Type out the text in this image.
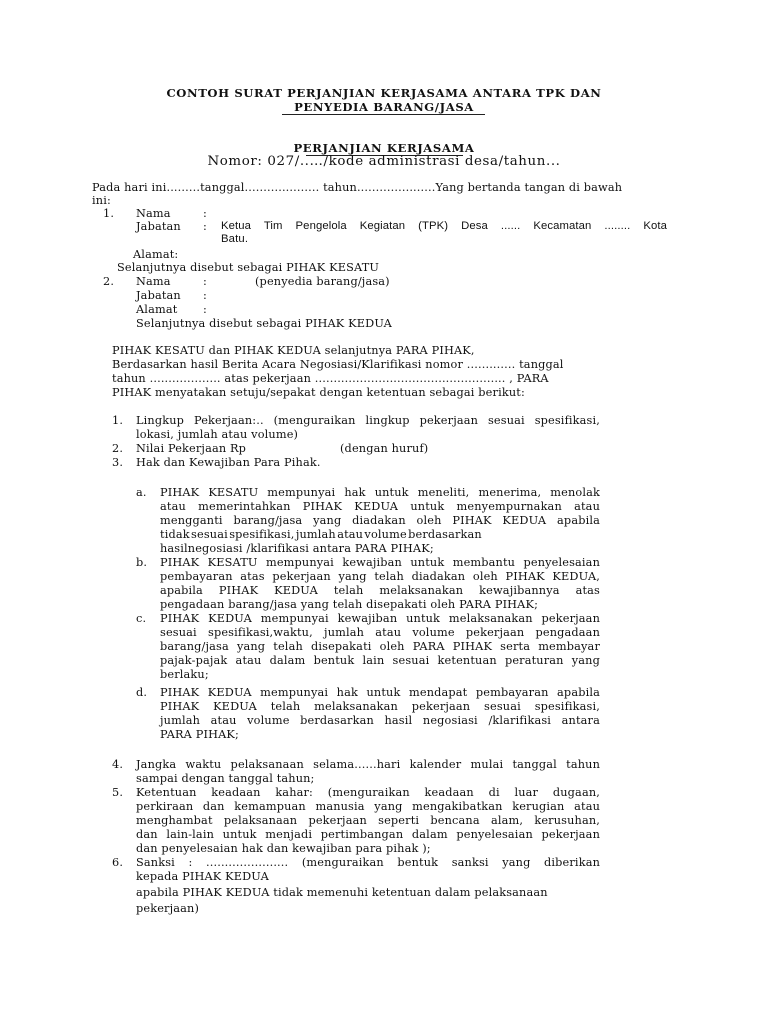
CONTOH SURAT PERJANJIAN KERJASAMA ANTARA TPK DAN
PENYEDIA BARANG/JASA
PERJANJIAN KERJASAMA
Nomor: 027/..…/kode administrasi desa/tahun...
Pada hari ini.........tanggal.................... tahun.....................Yang bertanda tangan di bawah
ini:
1. Nama	:
Jabatan : Ketua Tim Pengelola Kegiatan (TPK) Desa ...... Kecamatan ........ Kota
Batu.
Alamat:
Selanjutnya disebut sebagai PIHAK KESATU
2. Nama	:	(penyedia barang/jasa)
Jabatan :
Alamat :
Selanjutnya disebut sebagai PIHAK KEDUA
PIHAK KESATU dan PIHAK KEDUA selanjutnya PARA PIHAK,
Berdasarkan hasil Berita Acara Negosiasi/Klarifikasi nomor ............. tanggal
tahun ................... atas pekerjaan ................................................... , PARA
PIHAK menyatakan setuju/sepakat dengan ketentuan sebagai berikut:
1. Lingkup Pekerjaan:.. (menguraikan lingkup pekerjaan sesuai spesifikasi,
lokasi, jumlah atau volume)
2. Nilai Pekerjaan Rp	(dengan huruf)
3. Hak dan Kewajiban Para Pihak.
a. PIHAK KESATU mempunyai hak untuk meneliti, menerima, menolak
atau memerintahkan PIHAK KEDUA untuk menyempurnakan atau
mengganti barang/jasa yang diadakan oleh PIHAK KEDUA apabila
tidak sesuai spesifikasi, jumlah atau volume berdasarkan
hasilnegosiasi /klarifikasi antara PARA PIHAK;
b. PIHAK KESATU mempunyai kewajiban untuk membantu penyelesaian
pembayaran atas pekerjaan yang telah diadakan oleh PIHAK KEDUA,
apabila PIHAK KEDUA telah melaksanakan kewajibannya atas
pengadaan barang/jasa yang telah disepakati oleh PARA PIHAK;
c. PIHAK KEDUA mempunyai kewajiban untuk melaksanakan pekerjaan
sesuai spesifikasi,waktu, jumlah atau volume pekerjaan pengadaan
barang/jasa yang telah disepakati oleh PARA PIHAK serta membayar
pajak-pajak atau dalam bentuk lain sesuai ketentuan peraturan yang
berlaku;
d. PIHAK KEDUA mempunyai hak untuk mendapat pembayaran apabila
PIHAK KEDUA telah melaksanakan pekerjaan sesuai spesifikasi,
jumlah atau volume berdasarkan hasil negosiasi /klarifikasi antara
PARA PIHAK;
4. Jangka waktu pelaksanaan selama......hari kalender mulai tanggal tahun
sampai dengan tanggal tahun;
5. Ketentuan keadaan kahar: (menguraikan keadaan di luar dugaan,
perkiraan dan kemampuan manusia yang mengakibatkan kerugian atau
menghambat pelaksanaan pekerjaan seperti bencana alam, kerusuhan,
dan lain-lain untuk menjadi pertimbangan dalam penyelesaian pekerjaan
dan penyelesaian hak dan kewajiban para pihak );
6. Sanksi : ...................... (menguraikan bentuk sanksi yang diberikan
kepada PIHAK KEDUA
apabila PIHAK KEDUA tidak memenuhi ketentuan dalam pelaksanaan
pekerjaan)
